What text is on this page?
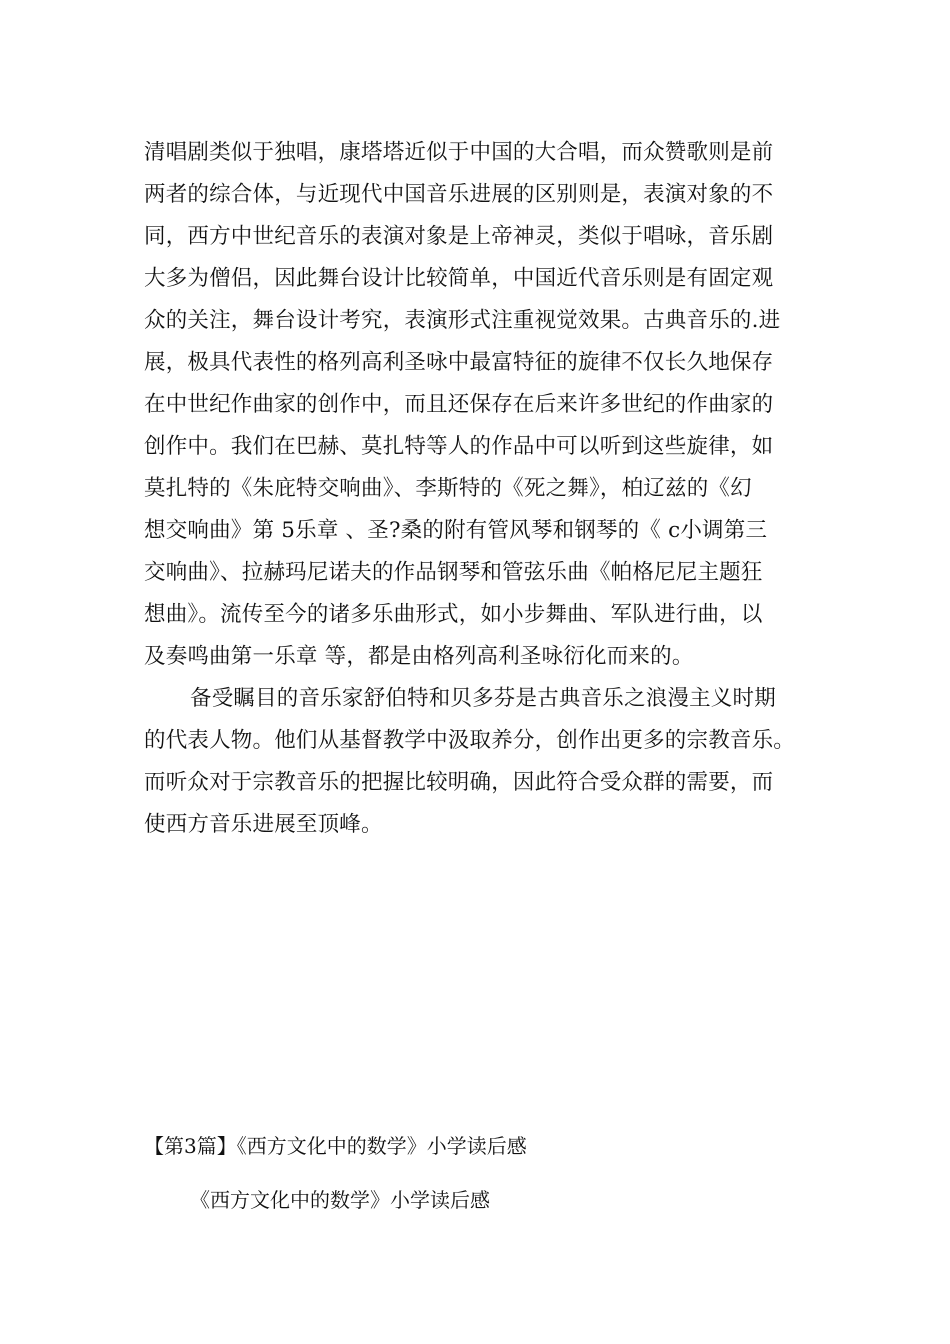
清唱剧类似于独唱，康塔塔近似于中国的大合唱，而众赞歌则是前
两者的综合体，与近现代中国音乐进展的区别则是，表演对象的不
同，西方中世纪音乐的表演对象是上帝神灵，类似于唱咏，音乐剧
大多为僧侣，因此舞台设计比较简单，中国近代音乐则是有固定观
众的关注，舞台设计考究，表演形式注重视觉效果。古典音乐的.进
展，极具代表性的格列高利圣咏中最富特征的旋律不仅长久地保存
在中世纪作曲家的创作中，而且还保存在后来许多世纪的作曲家的
创作中。我们在巴赫、莫扎特等人的作品中可以听到这些旋律，如
莫扎特的《朱庇特交响曲》、李斯特的《死之舞》，柏辽兹的《幻
想交响曲》第 5乐章 、圣?桑的附有管风琴和钢琴的《 c小调第三
交响曲》、拉赫玛尼诺夫的作品钢琴和管弦乐曲《帕格尼尼主题狂
想曲》。流传至今的诸多乐曲形式，如小步舞曲、军队进行曲，以
及奏鸣曲第一乐章 等，都是由格列高利圣咏衍化而来的。
备受瞩目的音乐家舒伯特和贝多芬是古典音乐之浪漫主义时期
的代表人物。他们从基督教学中汲取养分，创作出更多的宗教音乐。
而听众对于宗教音乐的把握比较明确，因此符合受众群的需要，而
使西方音乐进展至顶峰。
【第3篇】《西方文化中的数学》小学读后感
《西方文化中的数学》小学读后感
